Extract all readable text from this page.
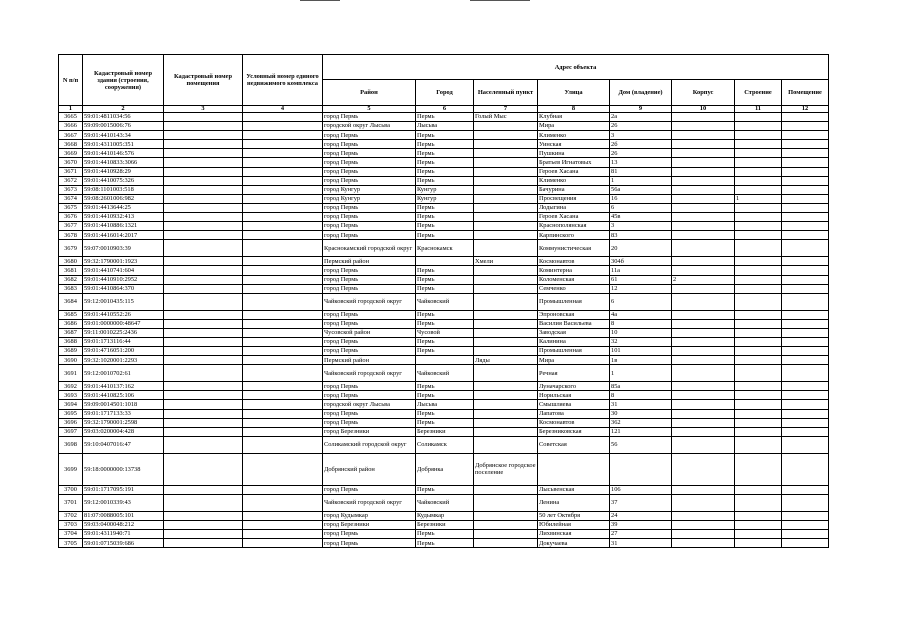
N п/п	Кадастровый номер здания (строения, сооружения)	Кадастровый номер помещения	Условный номер единого недвижимого комплекса	Адрес объекта							
				Район	Город	Населенный пункт	Улица	Дом (владение)	Корпус	Строение	Помещение
1	2	3	4	5	6	7	8	9	10	11	12
3665	59:01:4811034:56			город Пермь	Пермь	Голый Мыс	Клубная	2а			
3666	59:09:0015006:76			городской округ Лысьва	Лысьва		Мира	26			
3667	59:01:4410143:34			город Пермь	Пермь		Клименко	3			
3668	59:01:4311005:351			город Пермь	Пермь		Уинская	2б			
3669	59:01:4410146:576			город Пермь	Пермь		Пушкина	26			
3670	59:01:4410833:3066			город Пермь	Пермь		Братьев Игнатовых	13			
3671	59:01:4410928:29			город Пермь	Пермь		Героев Хасана	81			
3672	59:01:4410075:326			город Пермь	Пермь		Клименко	1			
3673	59:08:1101003:518			город Кунгур	Кунгур		Бачурина	56а			
3674	59:08:2601006:982			город Кунгур	Кунгур		Просвещения	16		1	
3675	59:01:4413644:25			город Пермь	Пермь		Лодыгина	6			
3676	59:01:4410932:413			город Пермь	Пермь		Героев Хасана	45в			
3677	59:01:4410886:1321			город Пермь	Пермь		Краснополянская	3			
3678	59:01:4416014:2017			город Пермь	Пермь		Карпинского	83			
3679	59:07:0010903:39			Краснокамский городской округ	Краснокамск		Коммунистическая	20			
3680	59:32:1790001:1923			Пермский район		Хмели	Космонавтов	304б			
3681	59:01:4410741:604			город Пермь	Пермь		Коминтерна	11а			
3682	59:01:4410910:2952			город Пермь	Пермь		Коломенская	61	2		
3683	59:01:4410864:370			город Пермь	Пермь		Семченко	12			
3684	59:12:0010435:115			Чайковский городской округ	Чайковский		Промышленная	6			
3685	59:01:4410552:26			город Пермь	Пермь		Эпроновская	4а			
3686	59:01:0000000:48647			город Пермь	Пермь		Василия Васильева	8			
3687	59:11:0010225:2436			Чусовской район	Чусовой		Заводская	10			
3688	59:01:1713116:44			город Пермь	Пермь		Калинина	32			
3689	59:01:4716051:200			город Пермь	Пермь		Промышленная	101			
3690	59:32:1020001:2293			Пермский район		Ляды	Мира	1в			
3691	59:12:0010702:61			Чайковский городской округ	Чайковский		Речная	1			
3692	59:01:4410137:162			город Пермь	Пермь		Луначарского	85а			
3693	59:01:4410825:106			город Пермь	Пермь		Норильская	8			
3694	59:09:0014501:1018			городской округ Лысьва	Лысьва		Смышляева	31			
3695	59:01:1717133:33			город Пермь	Пермь		Лапатова	30			
3696	59:32:1790001:2598			город Пермь	Пермь		Космонавтов	362			
3697	59:03:0200004:428			город Березники	Березники		Березниковская	121			
3698	59:10:0407016:47			Соликамский городской округ	Соликамск		Советская	56			
3699	59:18:0000000:13738			Добрянский район	Добрянка	Добрянское городское поселение					
3700	59:01:1717095:191			город Пермь	Пермь		Лысьвенская	106			
3701	59:12:0010339:43			Чайковский городской округ	Чайковский		Ленина	37			
3702	81:07:0088005:101			город Кудымкар	Кудымкар		50 лет Октября	24			
3703	59:03:0400048:212			город Березники	Березники		Юбилейная	39			
3704	59:01:4311940:71			город Пермь	Пермь		Лихвинская	27			
3705	59:01:0715039:686			город Пермь	Пермь		Докучаева	31			
